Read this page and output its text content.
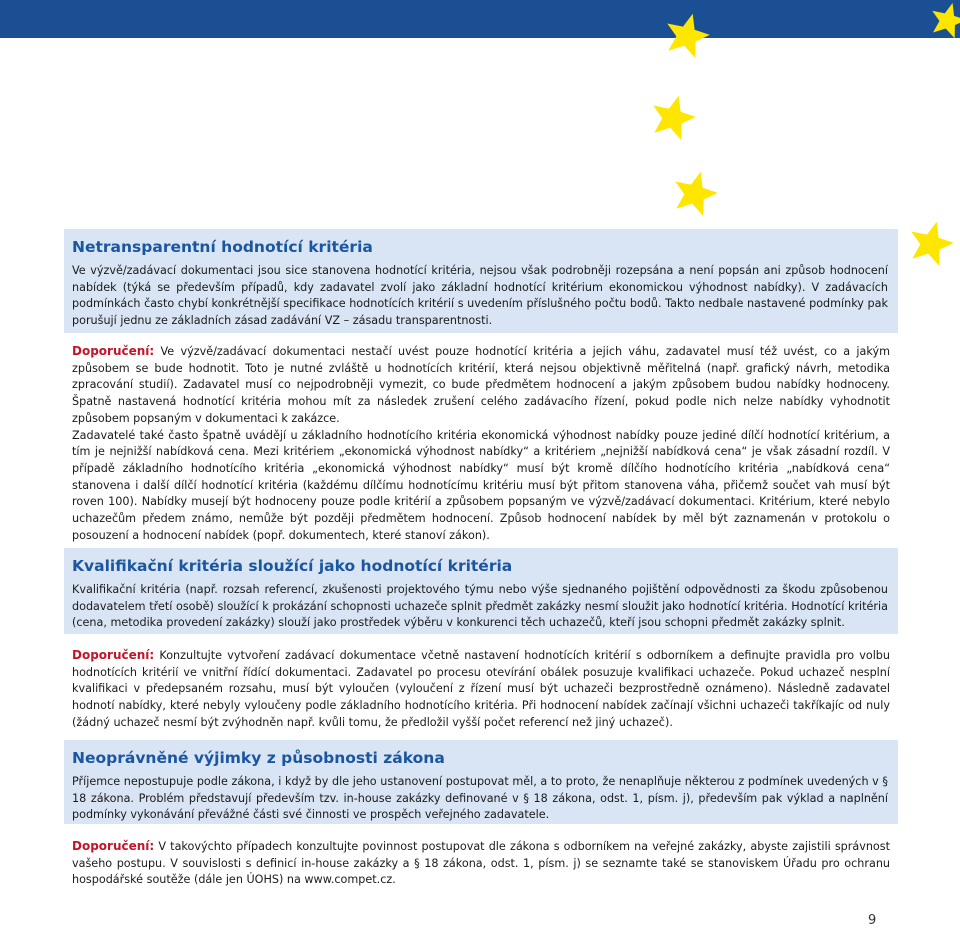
Netransparentní hodnotící kritéria

Ve výzvě/zadávací dokumentaci jsou sice stanovena hodnotící kritéria, nejsou však podrobněji rozepsána a není popsán ani způsob hodnocení nabídek (týká se především případů, kdy zadavatel zvolí jako základní hodnotící kritérium ekonomickou výhodnost nabídky). V zadávacích podmínkách často chybí konkrétnější specifikace hodnotících kritérií s uvedením příslušného počtu bodů. Takto nedbale nastavené podmínky pak porušují jednu ze základních zásad zadávání VZ – zásadu transparentnosti.

Doporučení: Ve výzvě/zadávací dokumentaci nestačí uvést pouze hodnotící kritéria a jejich váhu, zadavatel musí též uvést, co a jakým způsobem se bude hodnotit. Toto je nutné zvláště u hodnotících kritérií, která nejsou objektivně měřitelná (např. grafický návrh, metodika zpracování studií). Zadavatel musí co nejpodrobněji vymezit, co bude předmětem hodnocení a jakým způsobem budou nabídky hodnoceny. Špatně nastavená hodnotící kritéria mohou mít za následek zrušení celého zadávacího řízení, pokud podle nich nelze nabídky vyhodnotit způsobem popsaným v dokumentaci k zakázce.

Zadavatelé také často špatně uvádějí u základního hodnotícího kritéria ekonomická výhodnost nabídky pouze jediné dílčí hodnotící kritérium, a tím je nejnižší nabídková cena. Mezi kritériem „ekonomická výhodnost nabídky“ a kritériem „nejnižší nabídková cena“ je však zásadní rozdíl. V případě základního hodnotícího kritéria „ekonomická výhodnost nabídky“ musí být kromě dílčího hodnotícího kritéria „nabídková cena“ stanovena i další dílčí hodnotící kritéria (každému dílčímu hodnotícímu kritériu musí být přitom stanovena váha, přičemž součet vah musí být roven 100). Nabídky musejí být hodnoceny pouze podle kritérií a způsobem popsaným ve výzvě/zadávací dokumentaci. Kritérium, které nebylo uchazečům předem známo, nemůže být později předmětem hodnocení. Způsob hodnocení nabídek by měl být zaznamenán v protokolu o posouzení a hodnocení nabídek (popř. dokumentech, které stanoví zákon).

Kvalifikační kritéria sloužící jako hodnotící kritéria

Kvalifikační kritéria (např. rozsah referencí, zkušenosti projektového týmu nebo výše sjednaného pojištění odpovědnosti za škodu způsobenou dodavatelem třetí osobě) sloužící k prokázání schopnosti uchazeče splnit předmět zakázky nesmí sloužit jako hodnotící kritéria. Hodnotící kritéria (cena, metodika provedení zakázky) slouží jako prostředek výběru v konkurenci těch uchazečů, kteří jsou schopni předmět zakázky splnit.

Doporučení: Konzultujte vytvoření zadávací dokumentace včetně nastavení hodnotících kritérií s odborníkem a definujte pravidla pro volbu hodnotících kritérií ve vnitřní řídící dokumentaci. Zadavatel po procesu otevírání obálek posuzuje kvalifikaci uchazeče. Pokud uchazeč nesplní kvalifikaci v předepsaném rozsahu, musí být vyloučen (vyloučení z řízení musí být uchazeči bezprostředně oznámeno). Následně zadavatel hodnotí nabídky, které nebyly vyloučeny podle základního hodnotícího kritéria. Při hodnocení nabídek začínají všichni uchazeči takříkajíc od nuly (žádný uchazeč nesmí být zvýhodněn např. kvůli tomu, že předložil vyšší počet referencí než jiný uchazeč).

Neoprávněné výjimky z působnosti zákona

Příjemce nepostupuje podle zákona, i když by dle jeho ustanovení postupovat měl, a to proto, že nenaplňuje některou z podmínek uvedených v § 18 zákona. Problém představují především tzv. in-house zakázky definované v § 18 zákona, odst. 1, písm. j), především pak výklad a naplnění podmínky vykonávání převážné části své činnosti ve prospěch veřejného zadavatele.

Doporučení: V takovýchto případech konzultujte povinnost postupovat dle zákona s odborníkem na veřejné zakázky, abyste zajistili správnost vašeho postupu. V souvislosti s definicí in-house zakázky a § 18 zákona, odst. 1, písm. j) se seznamte také se stanoviskem Úřadu pro ochranu hospodářské soutěže (dále jen ÚOHS) na www.compet.cz.

9
